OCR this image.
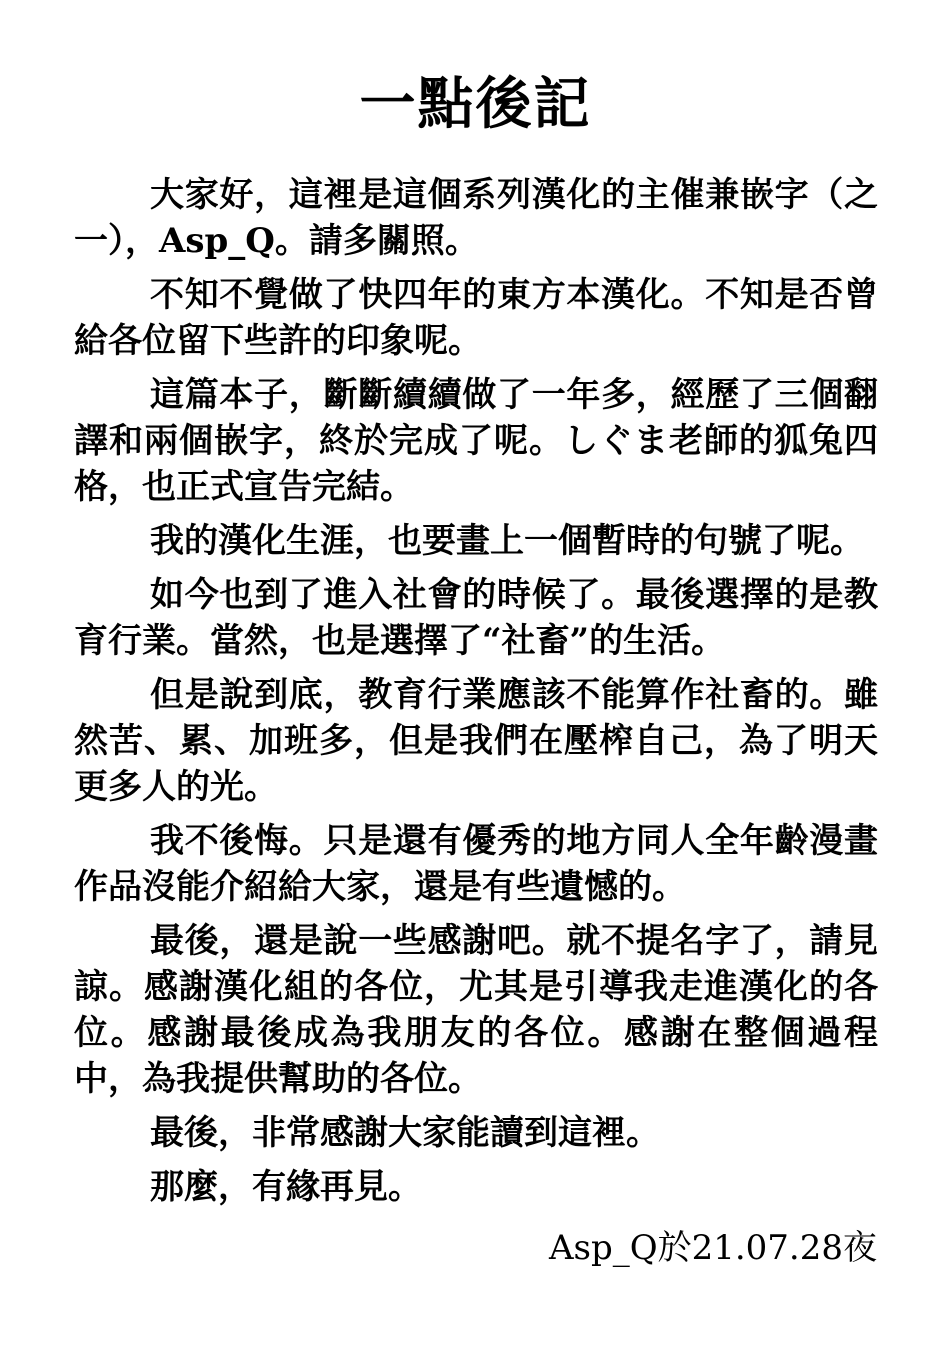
一點後記

大家好，這裡是這個系列漢化的主催兼嵌字（之一），Asp_Q。請多關照。

不知不覺做了快四年的東方本漢化。不知是否曾給各位留下些許的印象呢。

這篇本子，斷斷續續做了一年多，經歷了三個翻譯和兩個嵌字，終於完成了呢。しぐま老師的狐兔四格，也正式宣告完結。

我的漢化生涯，也要畫上一個暫時的句號了呢。

如今也到了進入社會的時候了。最後選擇的是教育行業。當然，也是選擇了“社畜”的生活。

但是說到底，教育行業應該不能算作社畜的。雖然苦、累、加班多，但是我們在壓榨自己，為了明天更多人的光。

我不後悔。只是還有優秀的地方同人全年齡漫畫作品沒能介紹給大家，還是有些遺憾的。

最後，還是說一些感謝吧。就不提名字了，請見諒。感謝漢化組的各位，尤其是引導我走進漢化的各位。感謝最後成為我朋友的各位。感謝在整個過程中，為我提供幫助的各位。

最後，非常感謝大家能讀到這裡。

那麼，有緣再見。

Asp_Q於21.07.28夜
